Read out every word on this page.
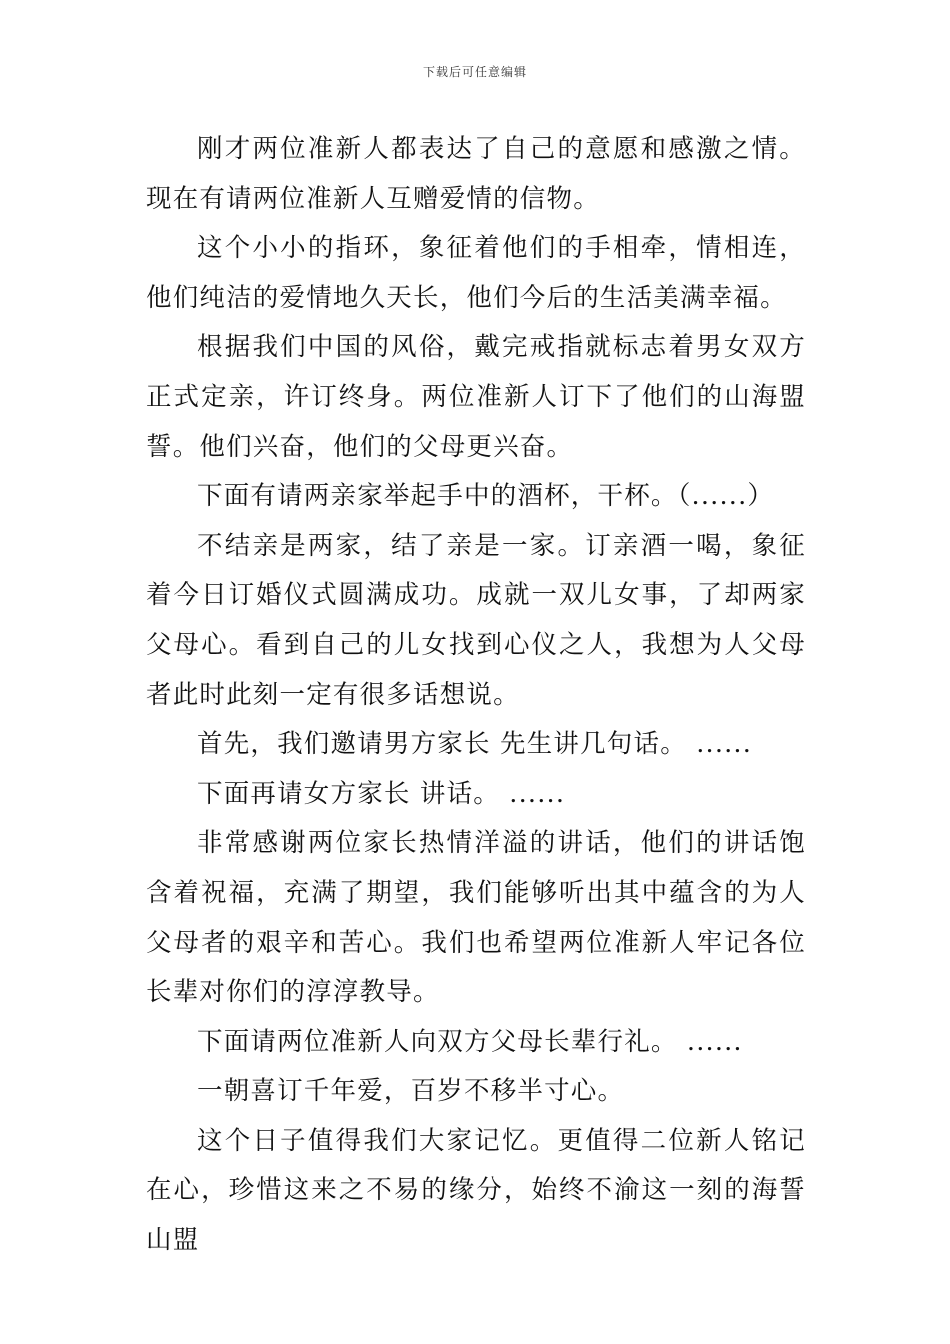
下载后可任意编辑

刚才两位准新人都表达了自己的意愿和感激之情。 现在有请两位准新人互赠爱情的信物。

这个小小的指环，象征着他们的手相牵，情相连，他们纯洁的爱情地久天长，他们今后的生活美满幸福。

根据我们中国的风俗，戴完戒指就标志着男女双方正式定亲，许订终身。两位准新人订下了他们的山海盟誓。他们兴奋，他们的父母更兴奋。

下面有请两亲家举起手中的酒杯，干杯。（......）

不结亲是两家，结了亲是一家。订亲酒一喝，象征着今日订婚仪式圆满成功。成就一双儿女事，了却两家父母心。看到自己的儿女找到心仪之人，我想为人父母者此时此刻一定有很多话想说。

首先，我们邀请男方家长 先生讲几句话。 ......

下面再请女方家长 讲话。 ......

非常感谢两位家长热情洋溢的讲话，他们的讲话饱含着祝福，充满了期望，我们能够听出其中蕴含的为人父母者的艰辛和苦心。我们也希望两位准新人牢记各位长辈对你们的淳淳教导。

下面请两位准新人向双方父母长辈行礼。 ......

一朝喜订千年爱，百岁不移半寸心。

这个日子值得我们大家记忆。更值得二位新人铭记在心，珍惜这来之不易的缘分，始终不渝这一刻的海誓山盟
